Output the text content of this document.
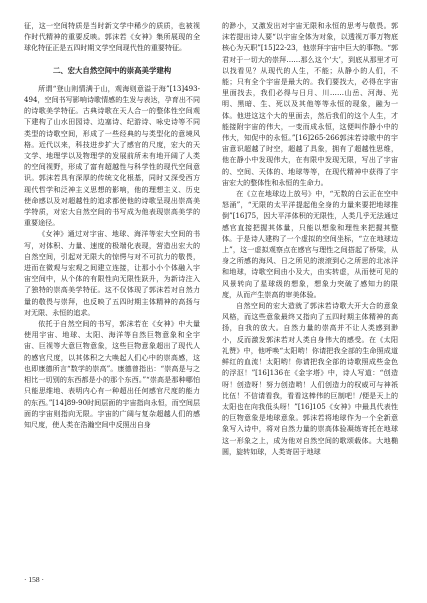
征，这一空间特质是当时新文学中稀少的质质，也被视作时代精神的重要反映。郭沫若《女神》集所展现的全球化特征正是五四时期文学空间现代性的重要特征。

二、宏大自然空间中的崇高美学建构

所谓“登山则情满于山，观海则意溢于海”[13]493-494，空间书写影响诗歌情感的生发与表达，孕育出不同的诗歌美学特征。古典诗歌在天人合一的整体性空间观下建构了山水田园诗、边塞诗、纪游诗、咏史诗等不同类型的诗歌空间，形成了一些经典的与类型化的意境风格。近代以来，科技进步扩大了感官的尺度，宏大的天文学、地理学以及物理学的发展前所未有地开阔了人类的空间视野，形成了富有超越性与科学性的现代空间意识。郭沫若具有深厚的传统文化根基，同时又深受西方现代哲学和泛神主义思想的影响，他的理想主义、历史使命感以及对超越性的追求都使他的诗歌呈现出崇高美学特质，对宏大自然空间的书写成为他表现崇高美学的重要途径。

《女神》通过对宇宙、地球、海洋等宏大空间的书写，对体积、力量、速度的极端化表现，营造出宏大的自然空间，引起对无限大的惊愕与对不可抗力的敬畏，进而在微观与宏观之间建立连接，让那小小个体融入宇宙空间中，从个体的有限性向无限性跃升，为新诗注入了独特的崇高美学特征。这不仅体现了郭沫若对自然力量的敬畏与崇拜，也反映了五四时期主体精神的高扬与对无限、永恒的追求。

依托于自然空间的书写，郭沫若在《女神》中大量使用宇宙、地球、太阳、海洋等自然巨物意象和全宇宙、巨视等大意巨物意象，这些巨物意象超出了现代人的感官尺度，以其体积之大唤起人们心中的崇高感，这也即康德所言“数学的崇高”。康德曾指出：“崇高是与之相比一切别的东西都是小的那个东西。”“崇高是那种哪怕只能思维地、表明内心有一种超出任何感官尺度的能力的东西。”[14]89-90时间层面的宇宙指向永恒，而空间层面的宇宙则指向无限。宇宙的广阔与复杂超越人们的感知尺度，使人类在浩瀚空间中反照出自身

的渺小，又激发出对宇宙无限和永恒的思考与敬畏。郭沫若提出诗人要“以宇宙全体为对象，以透视万事万物底核心为天职”[15]22-23，他崇拜宇宙中巨大的事物。“郭君对于一切大的崇拜……那么这个‘大’，到底从那里才可以找看见？从现代的人生，不能；从静小的人们，不能；只有全个宇宙是最大的。我们要找大，必得在宇宙里面找去，我们必得与日月、川……山岳、河海、光明、黑暗、生、死以及其他等等永恒的现象，融为一体。他进这这个大的里面去，然后我们的这个人生，才能接附宇宙的伟大，一变而成永恒，这便叫作静小中的伟大，知促中的永恒。”[16]265-266郭沫若诗歌中的宇宙意识超越了时空，超越了具象，拥有了超越性思维，他在静小中发现伟大，在有限中发现无限，写出了宇宙的、空间、天体的、地球等等，在现代精神中获得了宇宙宏大的整体性和永恒的生命力。

在《立在地球边上放号》中，“无数的白云正在空中怒涌”，“无限的太平洋提起他全身的力量来要把地球推倒”[16]75，因大平洋体积的无限性，人类几乎无法通过感官直接把握其体量，只能以想象和理性来把握其整体。于是诗人建构了一个虚拟的空间坐标，“立在地球边上”，这一虚拟观察点在感官与理性之间搭起了桥梁，从身之所感的海风、日之所见的滚滚到心之所思的北冰洋和地球，诗歌空间由小及大，由实转虚，从而使可见的风景转向了星球级的想象，想象力突破了感知力的限度，从而产生崇高的审美体验。

自然空间的宏大造就了郭沫若诗歌大开大合的意象风格，而这些意象最终又指向了五四时期主体精神的高扬，自我的放大。自然力量的崇高并不让人类感到渺小，反而激发郭沫若对人类自身伟大的感受。在《太阳礼赞》中，他呼唤“太阳哟！你请把我全部的生命照成道鲜红的血流！太阳哟！你请把我全部的诗歌照成些金色的浮沤！”[16]136在《金字塔》中，诗人写道：“创造呀！创造呀！努力创造哟！人们创造力的权威可与神祇比伍！不信请看我，看看这棒伟的巨制吧！/便是天上的太阳也在向我低头呀！”[16]105《女神》中最具代表性的巨物意象是地球意象。郭沫若将地球作为一个全新意象写入诗中，将对自然力量的崇高体验凝练寄托在地球这一形象之上，成为他对自然空间的歌颂载体。大地椭圆，旋转如球，人类寄居于地球

· 158 ·
